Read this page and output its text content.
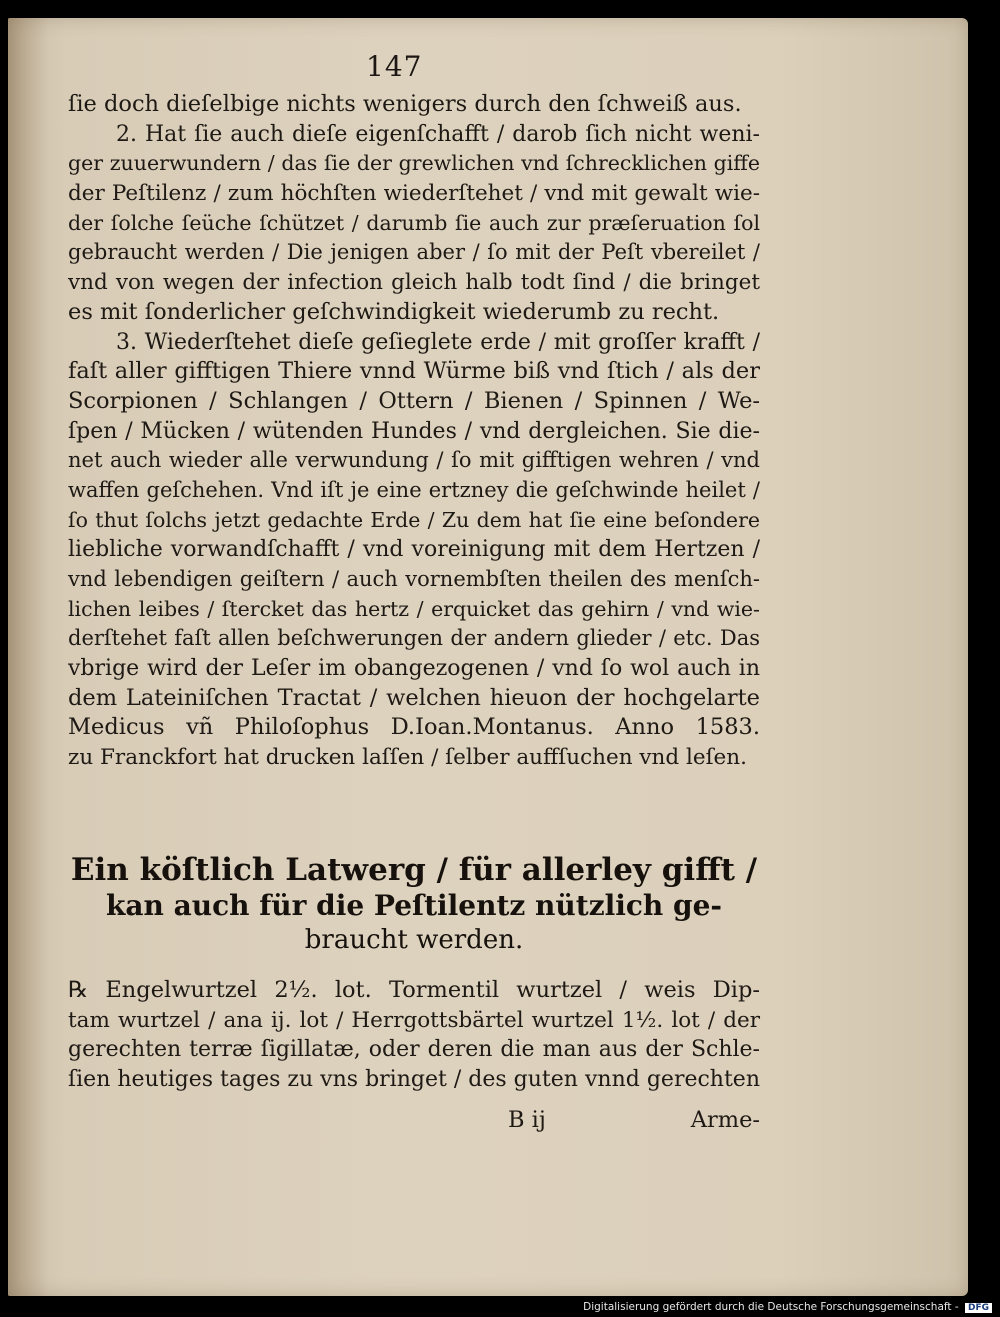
147
ſie doch dieſelbige nichts wenigers durch den ſchweiß aus.
2. Hat ſie auch dieſe eigenſchafft / darob ſich nicht weni-
ger zuuerwundern / das ſie der grewlichen vnd ſchrecklichen giffe
der Peſtilenz / zum höchſten wiederſtehet / vnd mit gewalt wie-
der ſolche ſeüche ſchützet / darumb ſie auch zur præſeruation ſol
gebraucht werden / Die jenigen aber / ſo mit der Peſt vbereilet /
vnd von wegen der infection gleich halb todt ſind / die bringet
es mit ſonderlicher geſchwindigkeit wiederumb zu recht.
3. Wiederſtehet dieſe geſieglete erde / mit groſſer krafft /
faſt aller gifftigen Thiere vnnd Würme biß vnd ſtich / als der
Scorpionen / Schlangen / Ottern / Bienen / Spinnen / We-
ſpen / Mücken / wütenden Hundes / vnd dergleichen. Sie die-
net auch wieder alle verwundung / ſo mit gifftigen wehren / vnd
waffen geſchehen. Vnd iſt je eine ertzney die geſchwinde heilet /
ſo thut ſolchs jetzt gedachte Erde / Zu dem hat ſie eine beſondere
liebliche vorwandſchafft / vnd voreinigung mit dem Hertzen /
vnd lebendigen geiſtern / auch vornembſten theilen des menſch-
lichen leibes / ſtercket das hertz / erquicket das gehirn / vnd wie-
derſtehet faſt allen beſchwerungen der andern glieder / etc. Das
vbrige wird der Leſer im obangezogenen / vnd ſo wol auch in
dem Lateiniſchen Tractat / welchen hieuon der hochgelarte
Medicus vñ Philoſophus D.Ioan.Montanus. Anno 1583.
zu Franckfort hat drucken laſſen / ſelber auffſuchen vnd leſen.
Ein köſtlich Latwerg / für allerley gifft /
kan auch für die Peſtilentz nützlich ge-
braucht werden.
℞ Engelwurtzel 2½. lot. Tormentil wurtzel / weis Dip-
tam wurtzel / ana ij. lot / Herrgottsbärtel wurtzel 1½. lot / der
gerechten terræ ſigillatæ, oder deren die man aus der Schle-
ſien heutiges tages zu vns bringet / des guten vnnd gerechten
B ij	Arme-
Digitalisierung gefördert durch die Deutsche Forschungsgemeinschaft - DFG
